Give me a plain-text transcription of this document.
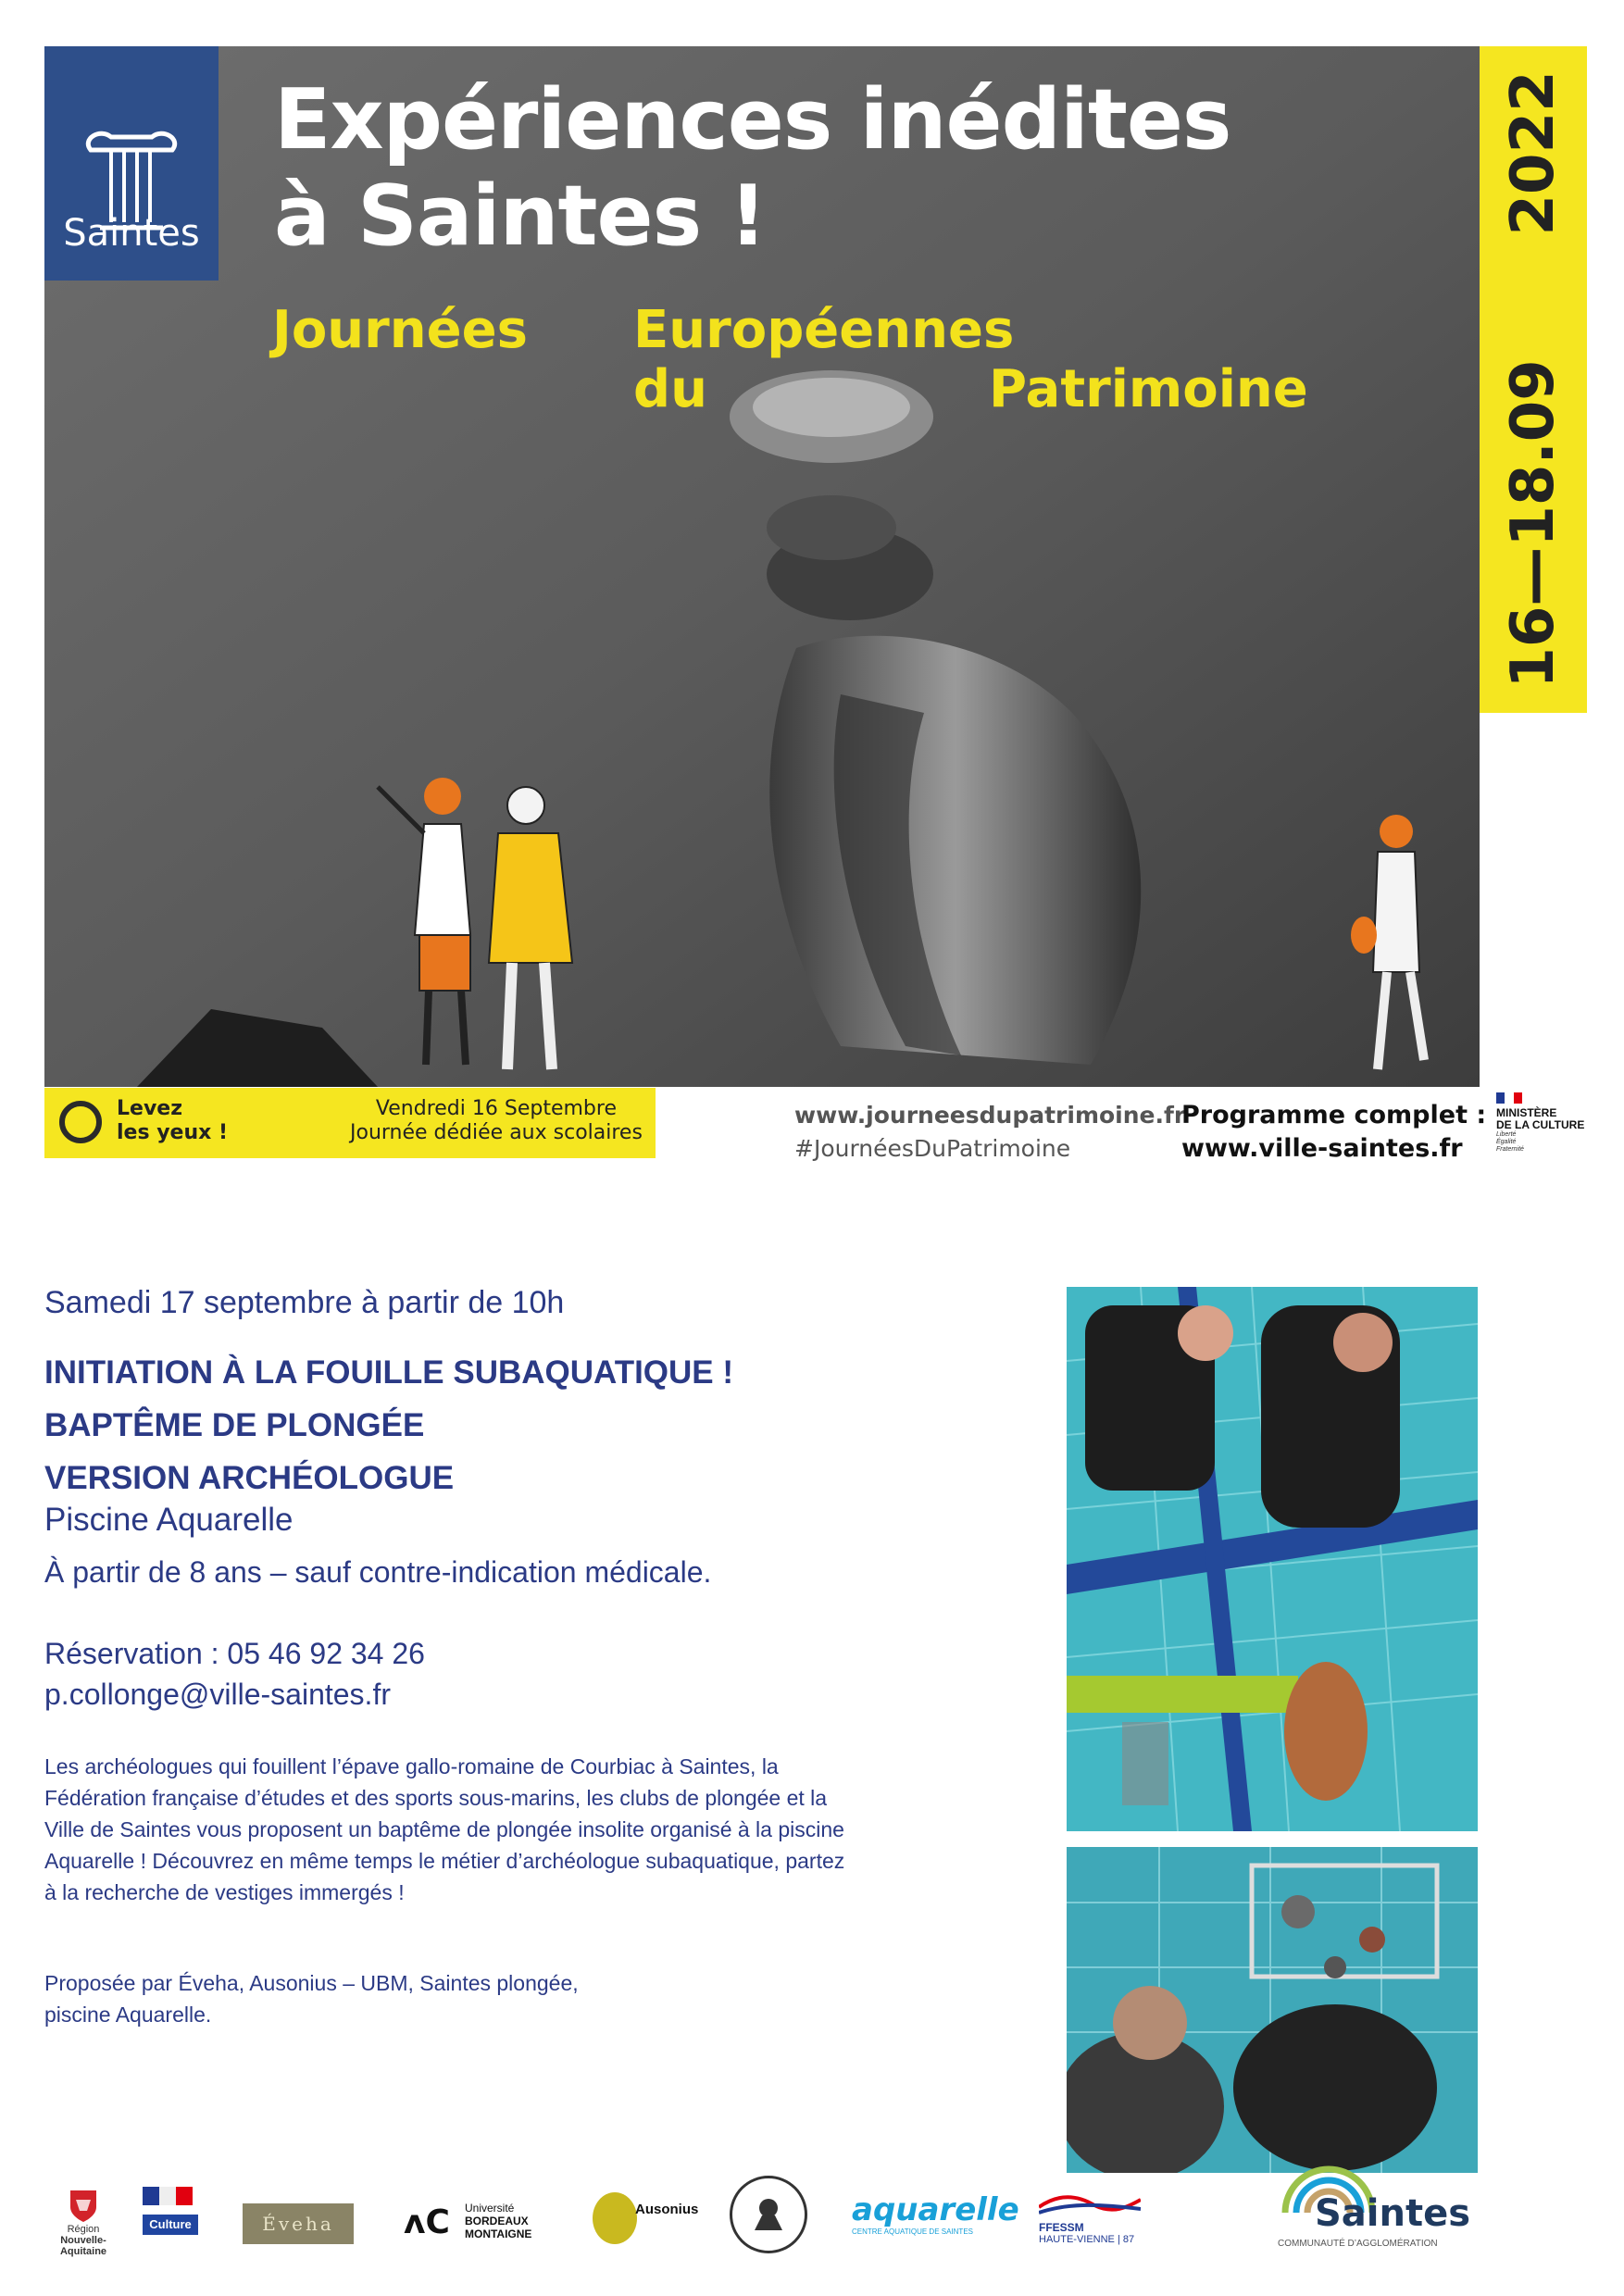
Saintes
Expériences inédites
à Saintes !
Journées Européennes
du	Patrimoine	16—18.09      2022
Levez
les yeux !
Vendredi 16 Septembre
Journée dédiée aux scolaires
www.journeesdupatrimoine.fr
#JournéesDuPatrimoine
Programme complet :
www.ville-saintes.fr
MINISTÈRE
DE LA CULTURE
Liberté
Égalité
Fraternité
Samedi 17 septembre à partir de 10h
INITIATION À LA FOUILLE SUBAQUATIQUE !
BAPTÊME DE PLONGÉE
VERSION ARCHÉOLOGUE
Piscine Aquarelle
À partir de 8 ans – sauf contre-indication médicale.
Réservation : 05 46 92 34 26
p.collonge@ville-saintes.fr
Les archéologues qui fouillent l’épave gallo-romaine de Courbiac à Saintes, la Fédération française d’études et des sports sous-marins, les clubs de plongée et la Ville de Saintes vous proposent un baptême de plongée insolite organisé à la piscine Aquarelle ! Découvrez en même temps le métier d’archéologue subaquatique, partez à la recherche de vestiges immergés !
Proposée par Éveha, Ausonius – UBM, Saintes plongée,
piscine Aquarelle.
Région
Nouvelle-
Aquitaine
Culture	Éveha	ʌC Université
BORDEAUX
MONTAIGNE
Ausonius	aquarelle
CENTRE AQUATIQUE DE SAINTES	FFESSM
HAUTE-VIENNE | 87
Saintes
COMMUNAUTÉ D’AGGLOMÉRATION
